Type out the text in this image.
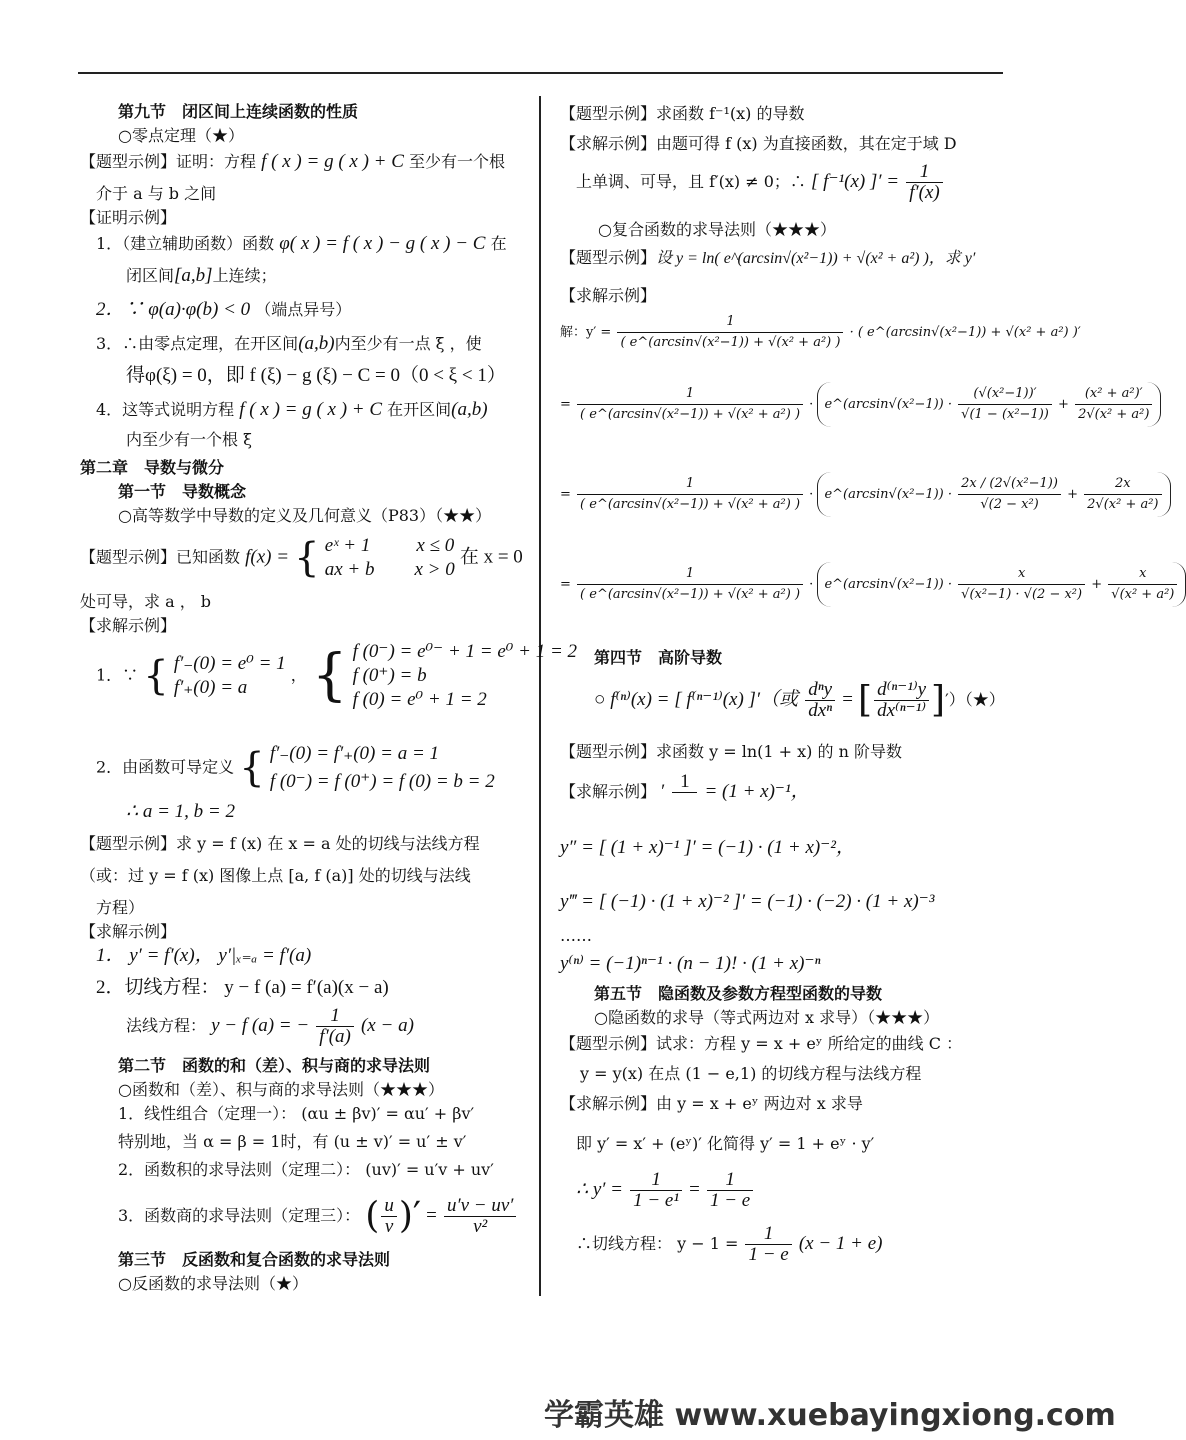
第九节　闭区间上连续函数的性质
○零点定理（★）
【题型示例】证明：方程 f ( x ) = g ( x ) + C 至少有一个根
介于 a 与 b 之间
【证明示例】
1．（建立辅助函数）函数 φ( x ) = f ( x ) − g ( x ) − C 在
闭区间[a,b]上连续；
2．∵ φ(a)·φ(b) < 0 （端点异号）
3．∴由零点定理，在开区间(a,b)内至少有一点 ξ ，使
得φ(ξ) = 0，即 f (ξ) − g (ξ) − C = 0（0 < ξ < 1）
4．这等式说明方程 f ( x ) = g ( x ) + C 在开区间(a,b)
内至少有一个根 ξ
第二章　导数与微分
第一节　导数概念
○高等数学中导数的定义及几何意义（P83）（★★）
【题型示例】已知函数 f(x) = { eˣ + 1 x ≤ 0
ax + b x > 0
在 x = 0
处可导，求 a ， b
【求解示例】
1．∵ { f′₋(0) = e⁰ = 1
f′₊(0) = a
， { f (0⁻) = e⁰⁻ + 1 = e⁰ + 1 = 2
f (0⁺) = b
f (0) = e⁰ + 1 = 2
2．由函数可导定义 { f′₋(0) = f′₊(0) = a = 1
f (0⁻) = f (0⁺) = f (0) = b = 2
∴ a = 1, b = 2
【题型示例】求 y = f (x) 在 x = a 处的切线与法线方程
（或：过 y = f (x) 图像上点 [a, f (a)] 处的切线与法线
方程）
【求解示例】
1． y′ = f′(x)， y′|ₓ₌ₐ = f′(a)
2．切线方程： y − f (a) = f′(a)(x − a)
法线方程： y − f (a) = − $\frac{1}{f'(a)} (x - a)$
第二节　函数的和（差）、积与商的求导法则
○函数和（差）、积与商的求导法则（★★★）
1．线性组合（定理一）： (αu ± βv)′ = αu′ + βv′
特别地，当 α = β = 1时，有 (u ± v)′ = u′ ± v′
2．函数积的求导法则（定理二）： (uv)′ = u′v + uv′
3．函数商的求导法则（定理三）： ( $\frac{u}{v}$ )′ = $\frac{u'v - uv'}{\text{v²}}$
第三节　反函数和复合函数的求导法则
○反函数的求导法则（★）
【题型示例】求函数 f⁻¹(x) 的导数
【求解示例】由题可得 f (x) 为直接函数，其在定于域 D
上单调、可导，且 f′(x) ≠ 0；∴ [ f⁻¹(x) ]′ = $\frac{1}{f'(x)}$
○复合函数的求导法则（★★★）
【题型示例】设 y = ln( e^(arcsin√(x²−1)) + √(x² + a²) )，求 y′
【求解示例】
解：$y' = \frac{1}{\text{( e\textasciicircum{}(arcsin√(x²−1)) + √(x² + a²) )}}$ · ( e^(arcsin√(x²−1)) + √(x² + a²) )′
= $\frac{1}{\text{( e\textasciicircum{}(arcsin√(x²−1)) + √(x² + a²) )}}$ · e^(arcsin√(x²−1)) · $\frac{\text{(√(x²−1))′}}{\text{√(1 − (x²−1))}} + \frac{\text{(x² + a²)′}}{\text{2√(x² + a²)}}$
= $\frac{1}{\text{( e\textasciicircum{}(arcsin√(x²−1)) + √(x² + a²) )}}$ · e^(arcsin√(x²−1)) · $\frac{\text{2x / (2√(x²−1))}}{\text{√(2 − x²)}} + \frac{2x}{\text{2√(x² + a²)}}$
= $\frac{1}{\text{( e\textasciicircum{}(arcsin√(x²−1)) + √(x² + a²) )}}$ · e^(arcsin√(x²−1)) · $\frac{x}{\text{√(x²−1) · √(2 − x²)}} + \frac{x}{\text{√(x² + a²)}}$
第四节　高阶导数
○ f⁽ⁿ⁾(x) = [ f⁽ⁿ⁻¹⁾(x) ]′（或 $\frac{\text{dⁿy}}{\text{dxⁿ}}$ = [ $\frac{\text{d⁽ⁿ⁻¹⁾y}}{\text{dx⁽ⁿ⁻¹⁾}}$ ]′）（★）
【题型示例】求函数 y = ln(1 + x) 的 n 阶导数
【求解示例】 ′ 1
= (1 + x)⁻¹，
y″ = [ (1 + x)⁻¹ ]′ = (−1) · (1 + x)⁻²，
y‴ = [ (−1) · (1 + x)⁻² ]′ = (−1) · (−2) · (1 + x)⁻³
……
y⁽ⁿ⁾ = (−1)ⁿ⁻¹ · (n − 1)! · (1 + x)⁻ⁿ
第五节　隐函数及参数方程型函数的导数
○隐函数的求导（等式两边对 x 求导）（★★★）
【题型示例】试求：方程 y = x + eʸ 所给定的曲线 C ：
y = y(x) 在点 (1 − e,1) 的切线方程与法线方程
【求解示例】由 y = x + eʸ 两边对 x 求导
即 y′ = x′ + (eʸ)′ 化简得 y′ = 1 + eʸ · y′
∴ $y' = \frac{1}{\text{1 − e¹}} = \frac{1}{1 - e}$
∴切线方程： $y - 1 = \frac{1}{1 - e} (x - 1 + e)$
学霸英雄 www.xuebayingxiong.com
